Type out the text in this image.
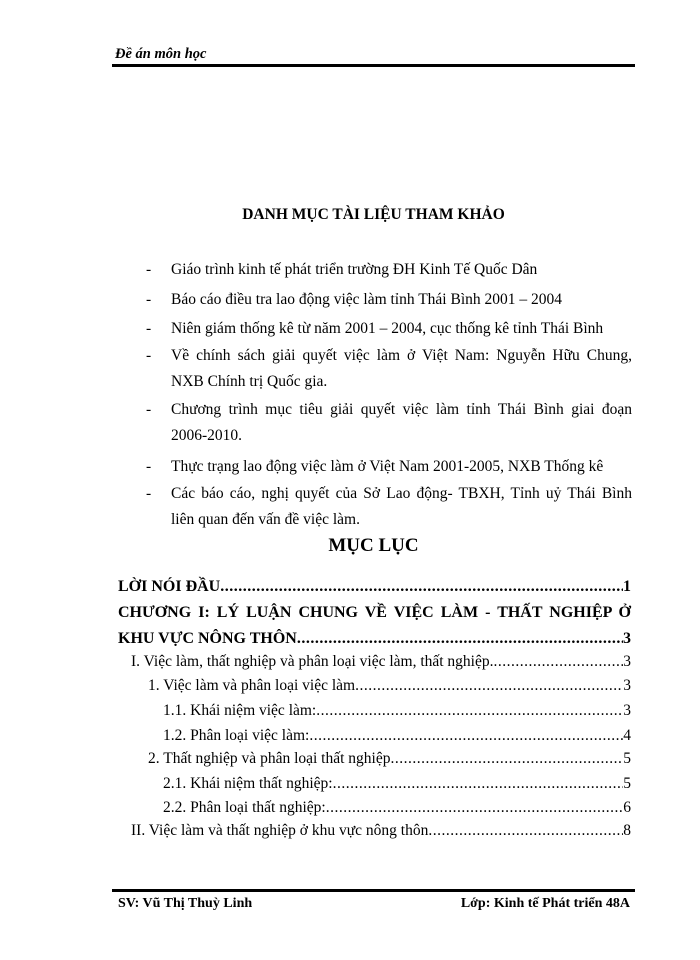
Đề án môn học
DANH MỤC TÀI LIỆU THAM KHẢO
- Giáo trình kinh tế phát triển trường ĐH Kinh Tế Quốc Dân
- Báo cáo điều tra lao động việc làm tỉnh Thái Bình 2001 – 2004
- Niên giám thống kê từ năm 2001 – 2004, cục thống kê tỉnh Thái Bình
- Về chính sách giải quyết việc làm ở Việt Nam: Nguyễn Hữu Chung,
NXB Chính trị Quốc gia.
- Chương trình mục tiêu giải quyết việc làm tỉnh Thái Bình giai đoạn
2006-2010.
- Thực trạng lao động việc làm ở Việt Nam 2001-2005, NXB Thống kê
- Các báo cáo, nghị quyết của Sở Lao động- TBXH, Tỉnh uỷ Thái Bình
liên quan đến vấn đề việc làm.
MỤC LỤC
LỜI NÓI ĐẦU .....	1
CHƯƠNG I: LÝ LUẬN CHUNG VỀ VIỆC LÀM - THẤT NGHIỆP Ở
KHU VỰC NÔNG THÔN .....	3
I. Việc làm, thất nghiệp và phân loại việc làm, thất nghiệp. .....	3
1. Việc làm và phân loại việc làm .....	3
1.1. Khái niệm việc làm: .....	3
1.2. Phân loại việc làm: .....	4
2. Thất nghiệp và phân loại thất nghiệp .....	5
2.1. Khái niệm thất nghiệp: .....	5
2.2. Phân loại thất nghiệp: .....	6
II. Việc làm và thất nghiệp ở khu vực nông thôn .....	8
SV: Vũ Thị Thuỳ Linh	Lớp: Kinh tế Phát triển 48A
